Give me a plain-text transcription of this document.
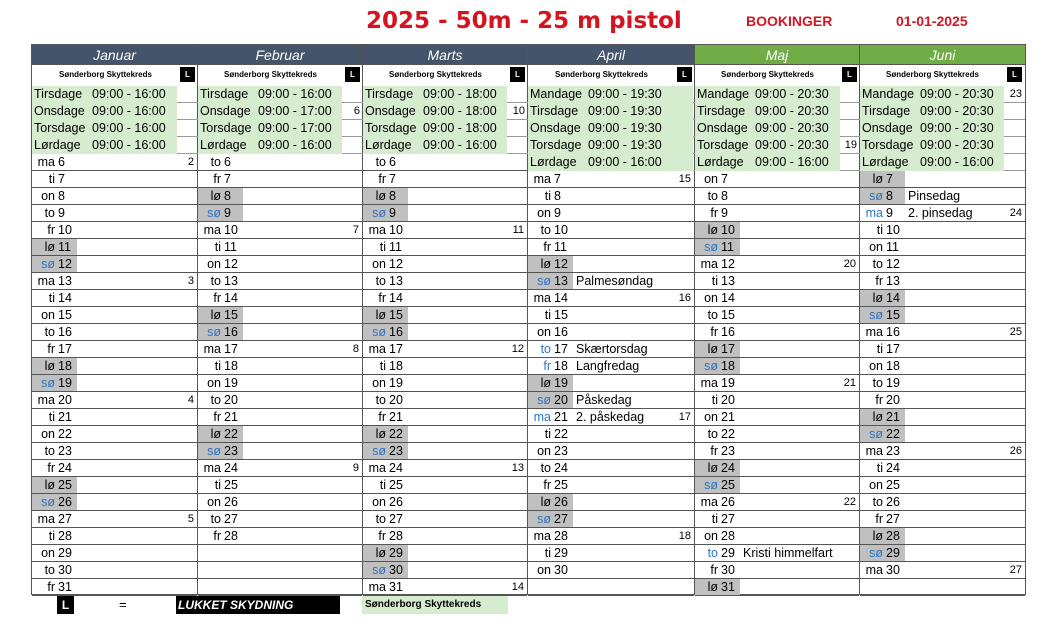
2025 - 50m - 25 m pistol	BOOKINGER	01-01-2025
Januar
Sønderborg Skyttekreds	L
Tirsdage 09:00 - 16:00
Onsdage 09:00 - 16:00
Torsdage 09:00 - 16:00
Lørdage 09:00 - 16:00
ma 6	2
ti 7
on 8
to 9
fr 10
lø 11
sø 12
ma 13	3
ti 14
on 15
to 16
fr 17
lø 18
sø 19
ma 20	4
ti 21
on 22
to 23
fr 24
lø 25
sø 26
ma 27	5
ti 28
on 29
to 30
fr 31
Februar
Sønderborg Skyttekreds	L
Tirsdage 09:00 - 16:00
Onsdage 09:00 - 17:00 6
Torsdage 09:00 - 17:00
Lørdage 09:00 - 16:00
to 6
fr 7
lø 8
sø 9
ma 10	7
ti 11
on 12
to 13
fr 14
lø 15
sø 16
ma 17	8
ti 18
on 19
to 20
fr 21
lø 22
sø 23
ma 24	9
ti 25
on 26
to 27
fr 28
Marts
Sønderborg Skyttekreds	L
Tirsdage 09:00 - 18:00
Onsdage 09:00 - 18:00 10
Torsdage 09:00 - 18:00
Lørdage 09:00 - 16:00
to 6
fr 7
lø 8
sø 9
ma 10	11
ti 11
on 12
to 13
fr 14
lø 15
sø 16
ma 17	12
ti 18
on 19
to 20
fr 21
lø 22
sø 23
ma 24	13
ti 25
on 26
to 27
fr 28
lø 29
sø 30
ma 31	14
April
Sønderborg Skyttekreds	L
Mandage 09:00 - 19:30
Tirsdage 09:00 - 19:30
Onsdage 09:00 - 19:30
Torsdage 09:00 - 19:30
Lørdage 09:00 - 16:00
ma 7	15
ti 8
on 9
to 10
fr 11
lø 12
sø 13 Palmesøndag
ma 14	16
ti 15
on 16
to 17 Skærtorsdag
fr 18 Langfredag
lø 19
sø 20 Påskedag
ma 21 2. påskedag	17
ti 22
on 23
to 24
fr 25
lø 26
sø 27
ma 28	18
ti 29
on 30
Maj
Sønderborg Skyttekreds	L
Mandage 09:00 - 20:30
Tirsdage 09:00 - 20:30
Onsdage 09:00 - 20:30
Torsdage 09:00 - 20:30 19
Lørdage 09:00 - 16:00
on 7
to 8
fr 9
lø 10
sø 11
ma 12	20
ti 13
on 14
to 15
fr 16
lø 17
sø 18
ma 19	21
ti 20
on 21
to 22
fr 23
lø 24
sø 25
ma 26	22
ti 27
on 28
to 29 Kristi himmelfart
fr 30
lø 31
Juni
Sønderborg Skyttekreds	L
Mandage 09:00 - 20:30 23
Tirsdage 09:00 - 20:30
Onsdage 09:00 - 20:30
Torsdage 09:00 - 20:30
Lørdage 09:00 - 16:00
lø 7
sø 8	Pinsedag
ma 9	2. pinsedag	24
ti 10
on 11
to 12
fr 13
lø 14
sø 15
ma 16	25
ti 17
on 18
to 19
fr 20
lø 21
sø 22
ma 23	26
ti 24
on 25
to 26
fr 27
lø 28
sø 29
ma 30	27
L	=	LUKKET SKYDNING	Sønderborg Skyttekreds
